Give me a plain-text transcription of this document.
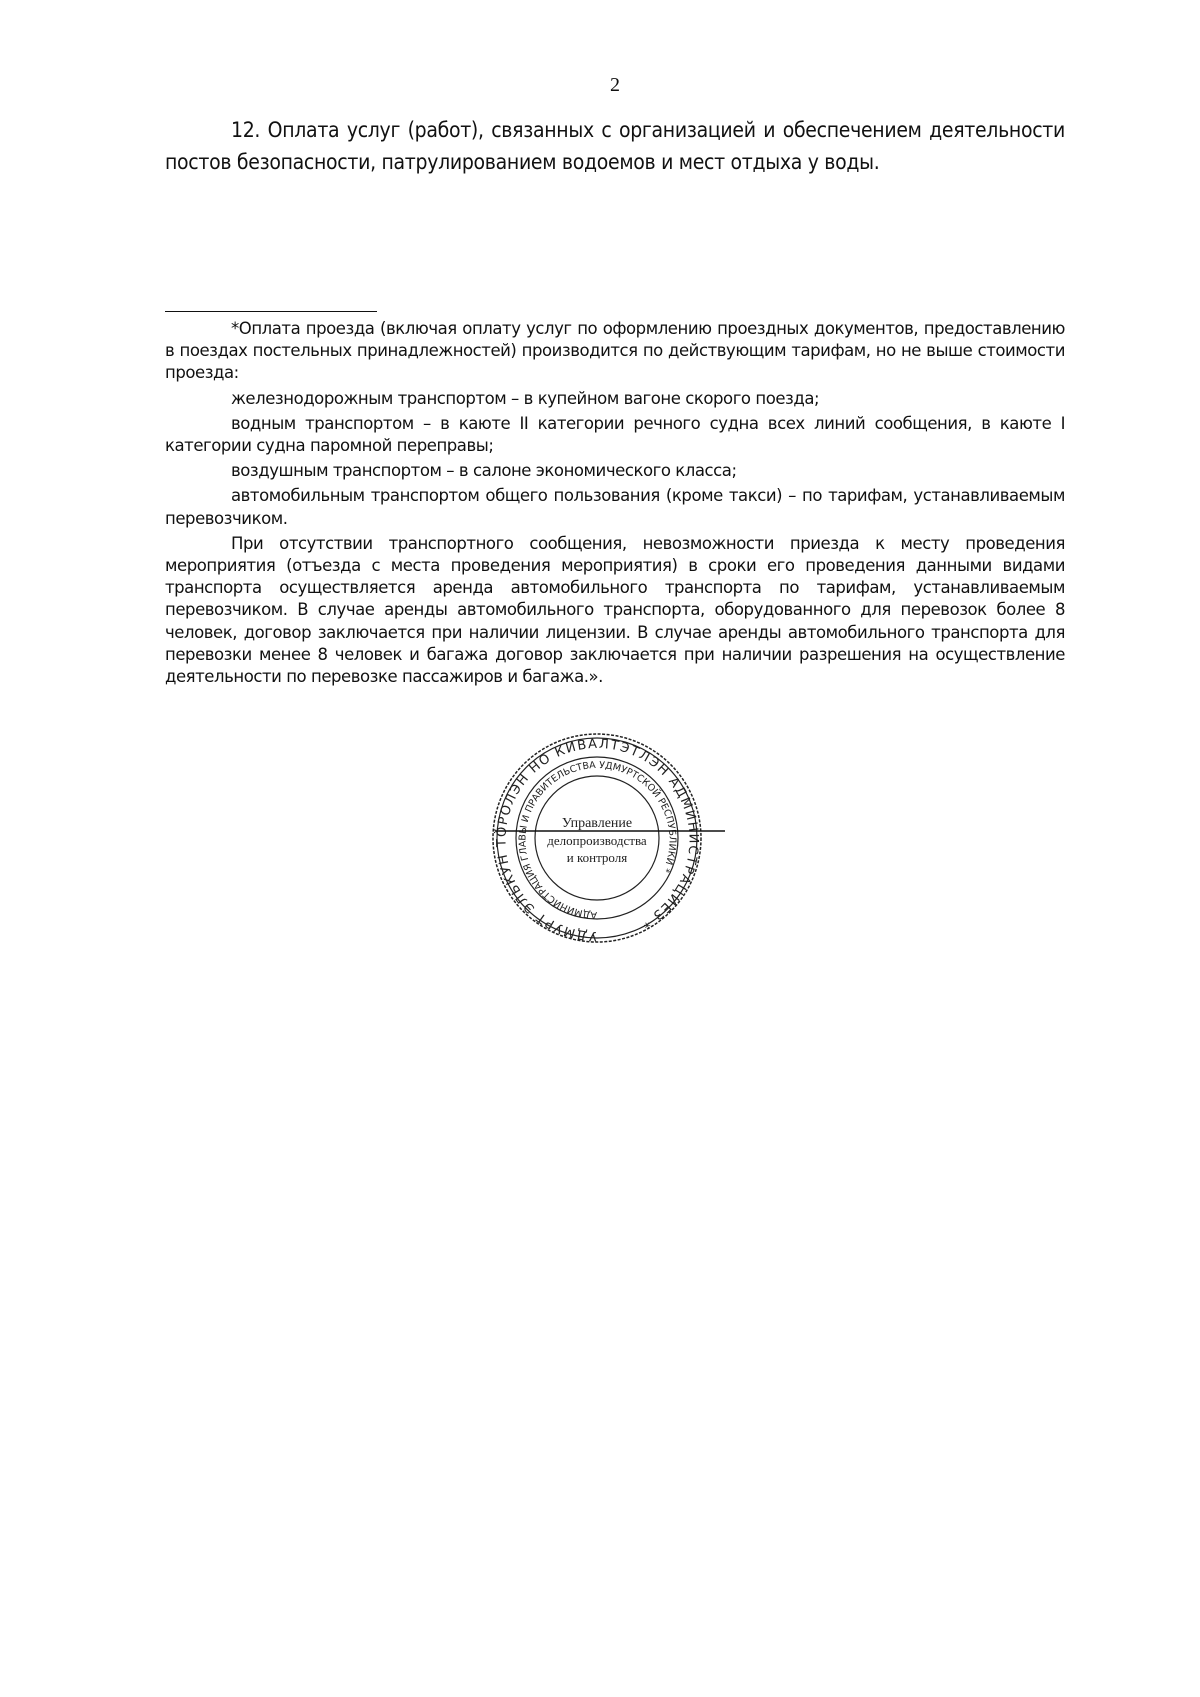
2
12. Оплата услуг (работ), связанных с организацией и обеспечением деятельности постов безопасности, патрулированием водоемов и мест отдыха у воды.

*Оплата проезда (включая оплату услуг по оформлению проездных документов, предоставлению в поездах постельных принадлежностей) производится по действующим тарифам, но не выше стоимости проезда:

железнодорожным транспортом – в купейном вагоне скорого поезда;

водным транспортом – в каюте II категории речного судна всех линий сообщения, в каюте I категории судна паромной переправы;

воздушным транспортом – в салоне экономического класса;

автомобильным транспортом общего пользования (кроме такси) – по тарифам, устанавливаемым перевозчиком.

При отсутствии транспортного сообщения, невозможности приезда к месту проведения мероприятия (отъезда с места проведения мероприятия) в сроки его проведения данными видами транспорта осуществляется аренда автомобильного транспорта по тарифам, устанавливаемым перевозчиком. В случае аренды автомобильного транспорта, оборудованного для перевозок более 8 человек, договор заключается при наличии лицензии. В случае аренды автомобильного транспорта для перевозки менее 8 человек и багажа договор заключается при наличии разрешения на осуществление деятельности по перевозке пассажиров и багажа.».

УДМУРТ ЭЛЬКУН ТӦРОЛЭН НО КИВАЛТЭТЛЭН АДМИНИСТРАЦИЕЗ *
АДМИНИСТРАЦИЯ ГЛАВЫ И ПРАВИТЕЛЬСТВА УДМУРТСКОЙ РЕСПУБЛИКИ *
Управление
делопроизводства
и контроля
